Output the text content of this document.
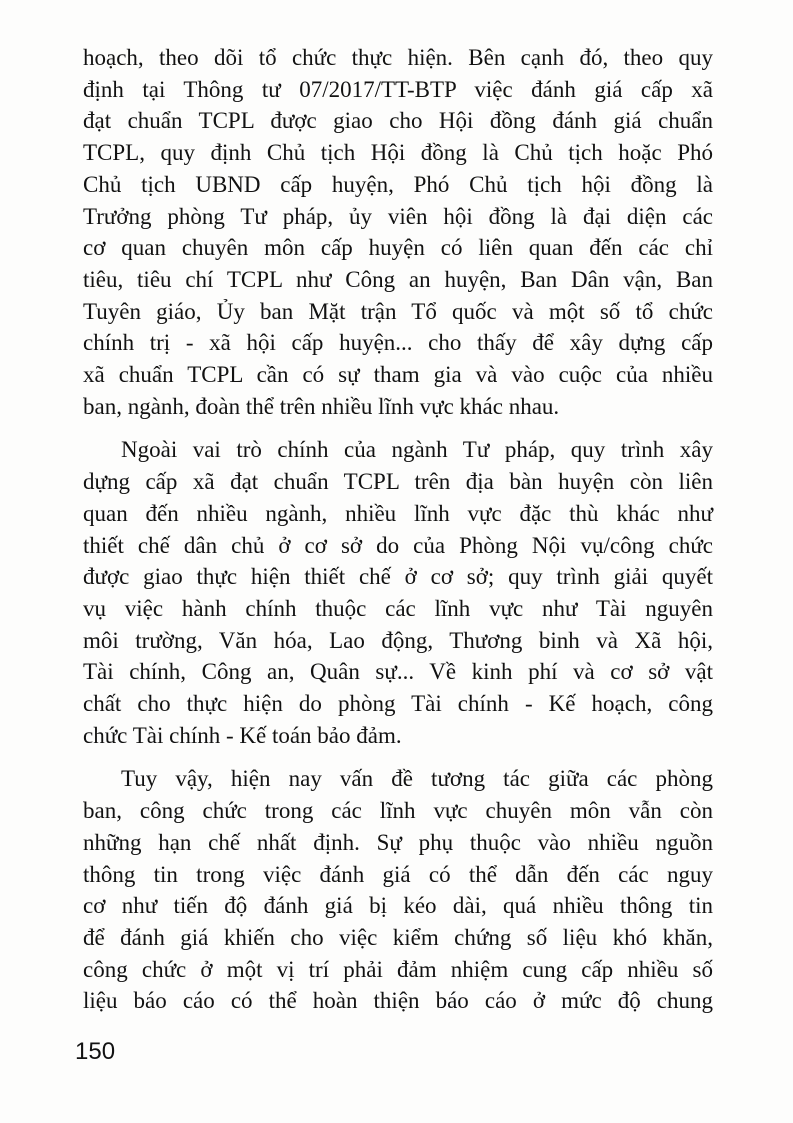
hoạch, theo dõi tổ chức thực hiện. Bên cạnh đó, theo quy
định tại Thông tư 07/2017/TT-BTP việc đánh giá cấp xã
đạt chuẩn TCPL được giao cho Hội đồng đánh giá chuẩn
TCPL, quy định Chủ tịch Hội đồng là Chủ tịch hoặc Phó
Chủ tịch UBND cấp huyện, Phó Chủ tịch hội đồng là
Trưởng phòng Tư pháp, ủy viên hội đồng là đại diện các
cơ quan chuyên môn cấp huyện có liên quan đến các chỉ
tiêu, tiêu chí TCPL như Công an huyện, Ban Dân vận, Ban
Tuyên giáo, Ủy ban Mặt trận Tổ quốc và một số tổ chức
chính trị - xã hội cấp huyện... cho thấy để xây dựng cấp
xã chuẩn TCPL cần có sự tham gia và vào cuộc của nhiều
ban, ngành, đoàn thể trên nhiều lĩnh vực khác nhau.
Ngoài vai trò chính của ngành Tư pháp, quy trình xây
dựng cấp xã đạt chuẩn TCPL trên địa bàn huyện còn liên
quan đến nhiều ngành, nhiều lĩnh vực đặc thù khác như
thiết chế dân chủ ở cơ sở do của Phòng Nội vụ/công chức
được giao thực hiện thiết chế ở cơ sở; quy trình giải quyết
vụ việc hành chính thuộc các lĩnh vực như Tài nguyên
môi trường, Văn hóa, Lao động, Thương binh và Xã hội,
Tài chính, Công an, Quân sự... Về kinh phí và cơ sở vật
chất cho thực hiện do phòng Tài chính - Kế hoạch, công
chức Tài chính - Kế toán bảo đảm.
Tuy vậy, hiện nay vấn đề tương tác giữa các phòng
ban, công chức trong các lĩnh vực chuyên môn vẫn còn
những hạn chế nhất định. Sự phụ thuộc vào nhiều nguồn
thông tin trong việc đánh giá có thể dẫn đến các nguy
cơ như tiến độ đánh giá bị kéo dài, quá nhiều thông tin
để đánh giá khiến cho việc kiểm chứng số liệu khó khăn,
công chức ở một vị trí phải đảm nhiệm cung cấp nhiều số
liệu báo cáo có thể hoàn thiện báo cáo ở mức độ chung
150
